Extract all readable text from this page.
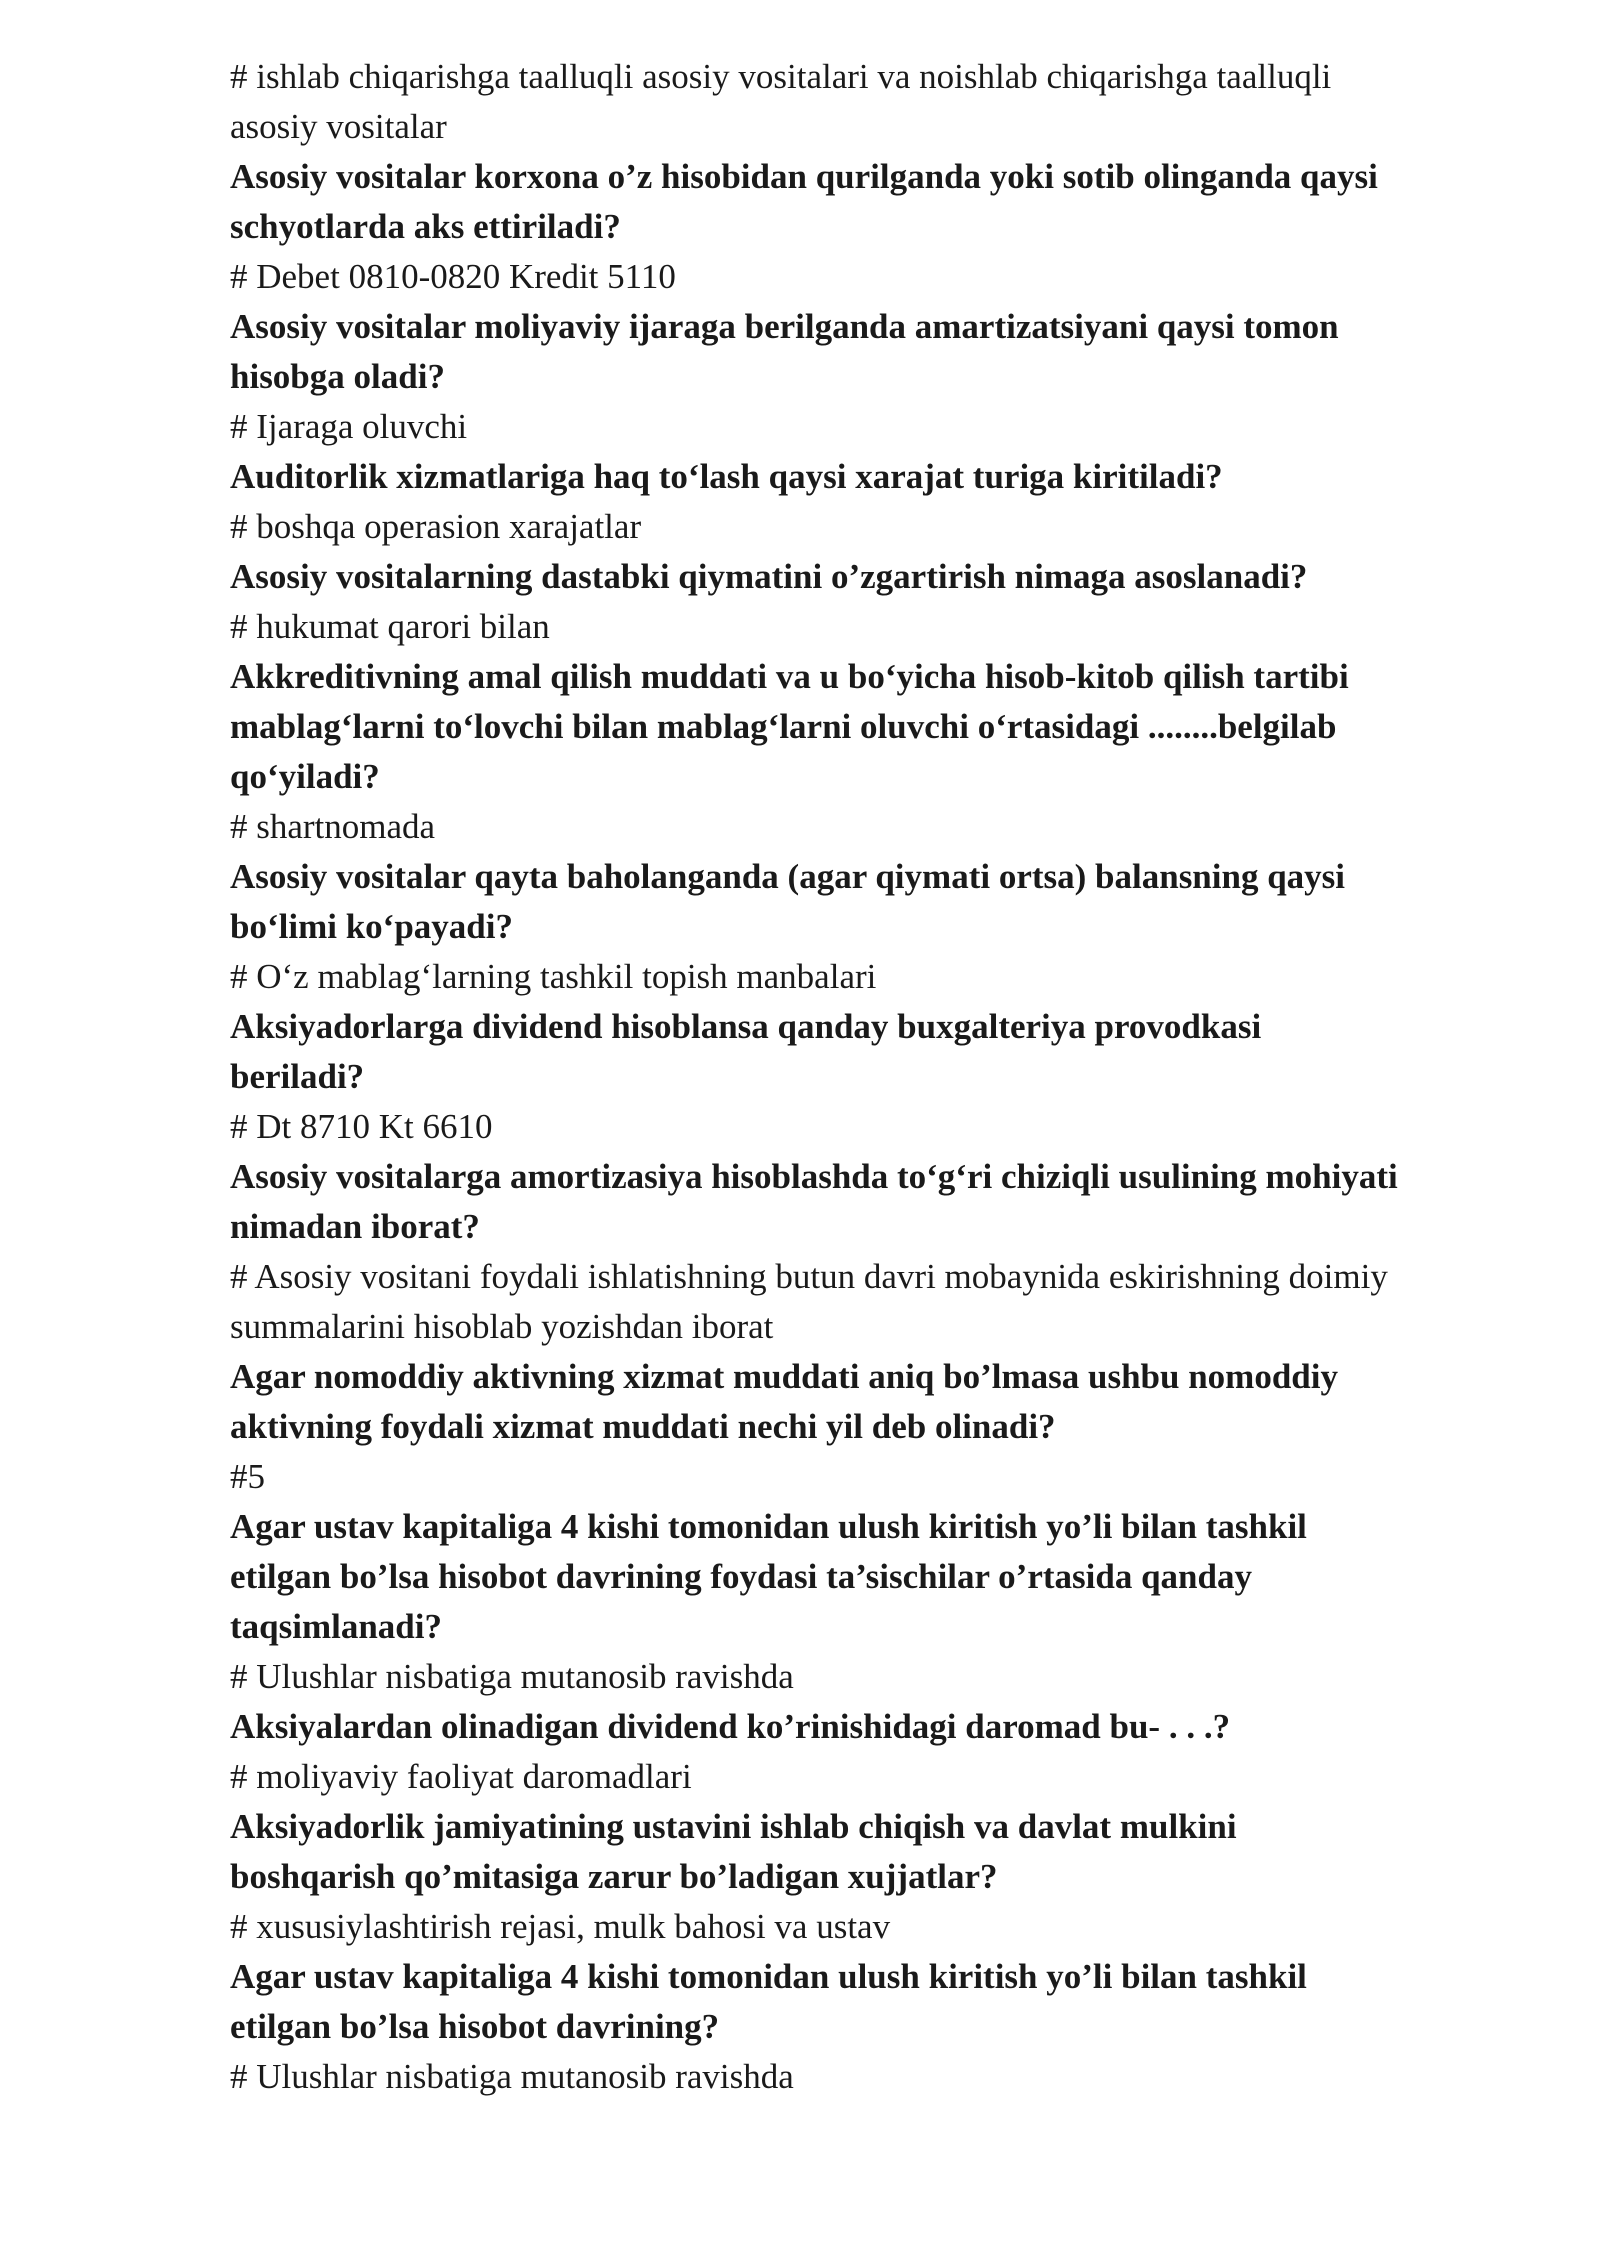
# ishlab chiqarishga taalluqli asosiy vositalari va noishlab chiqarishga taalluqli
asosiy vositalar
Asosiy vositalar korxona o’z hisobidan qurilganda yoki sotib olinganda qaysi
schyotlarda aks ettiriladi?
# Debet 0810-0820 Kredit 5110
Asosiy vositalar moliyaviy ijaraga berilganda amartizatsiyani qaysi tomon
hisobga oladi?
# Ijaraga oluvchi
Auditorlik xizmatlariga haq to‘lash qaysi xarajat turiga kiritiladi?
# boshqa operasion xarajatlar
Asosiy vositalarning dastabki qiymatini o’zgartirish nimaga asoslanadi?
# hukumat qarori bilan
Akkreditivning amal qilish muddati va u bo‘yicha hisob-kitob qilish tartibi
mablag‘larni to‘lovchi bilan mablag‘larni oluvchi o‘rtasidagi ........belgilab
qo‘yiladi?
# shartnomada
Asosiy vositalar qayta baholanganda (agar qiymati ortsa) balansning qaysi
bo‘limi ko‘payadi?
# O‘z mablag‘larning tashkil topish manbalari
Aksiyadorlarga dividend hisoblansa qanday buxgalteriya provodkasi
beriladi?
# Dt 8710 Kt 6610
Asosiy vositalarga amortizasiya hisoblashda to‘g‘ri chiziqli usulining mohiyati
nimadan iborat?
# Asosiy vositani foydali ishlatishning butun davri mobaynida eskirishning doimiy
summalarini hisoblab yozishdan iborat
Agar nomoddiy aktivning xizmat muddati aniq bo’lmasa ushbu nomoddiy
aktivning foydali xizmat muddati nechi yil deb olinadi?
#5
Agar ustav kapitaliga 4 kishi tomonidan ulush kiritish yo’li bilan tashkil
etilgan bo’lsa hisobot davrining foydasi ta’sischilar o’rtasida qanday
taqsimlanadi?
# Ulushlar nisbatiga mutanosib ravishda
Aksiyalardan olinadigan dividend ko’rinishidagi daromad bu- . . .?
# moliyaviy faoliyat daromadlari
Aksiyadorlik jamiyatining ustavini ishlab chiqish va davlat mulkini
boshqarish qo’mitasiga zarur bo’ladigan xujjatlar?
# xususiylashtirish rejasi, mulk bahosi va ustav
Agar ustav kapitaliga 4 kishi tomonidan ulush kiritish yo’li bilan tashkil
etilgan bo’lsa hisobot davrining?
# Ulushlar nisbatiga mutanosib ravishda
